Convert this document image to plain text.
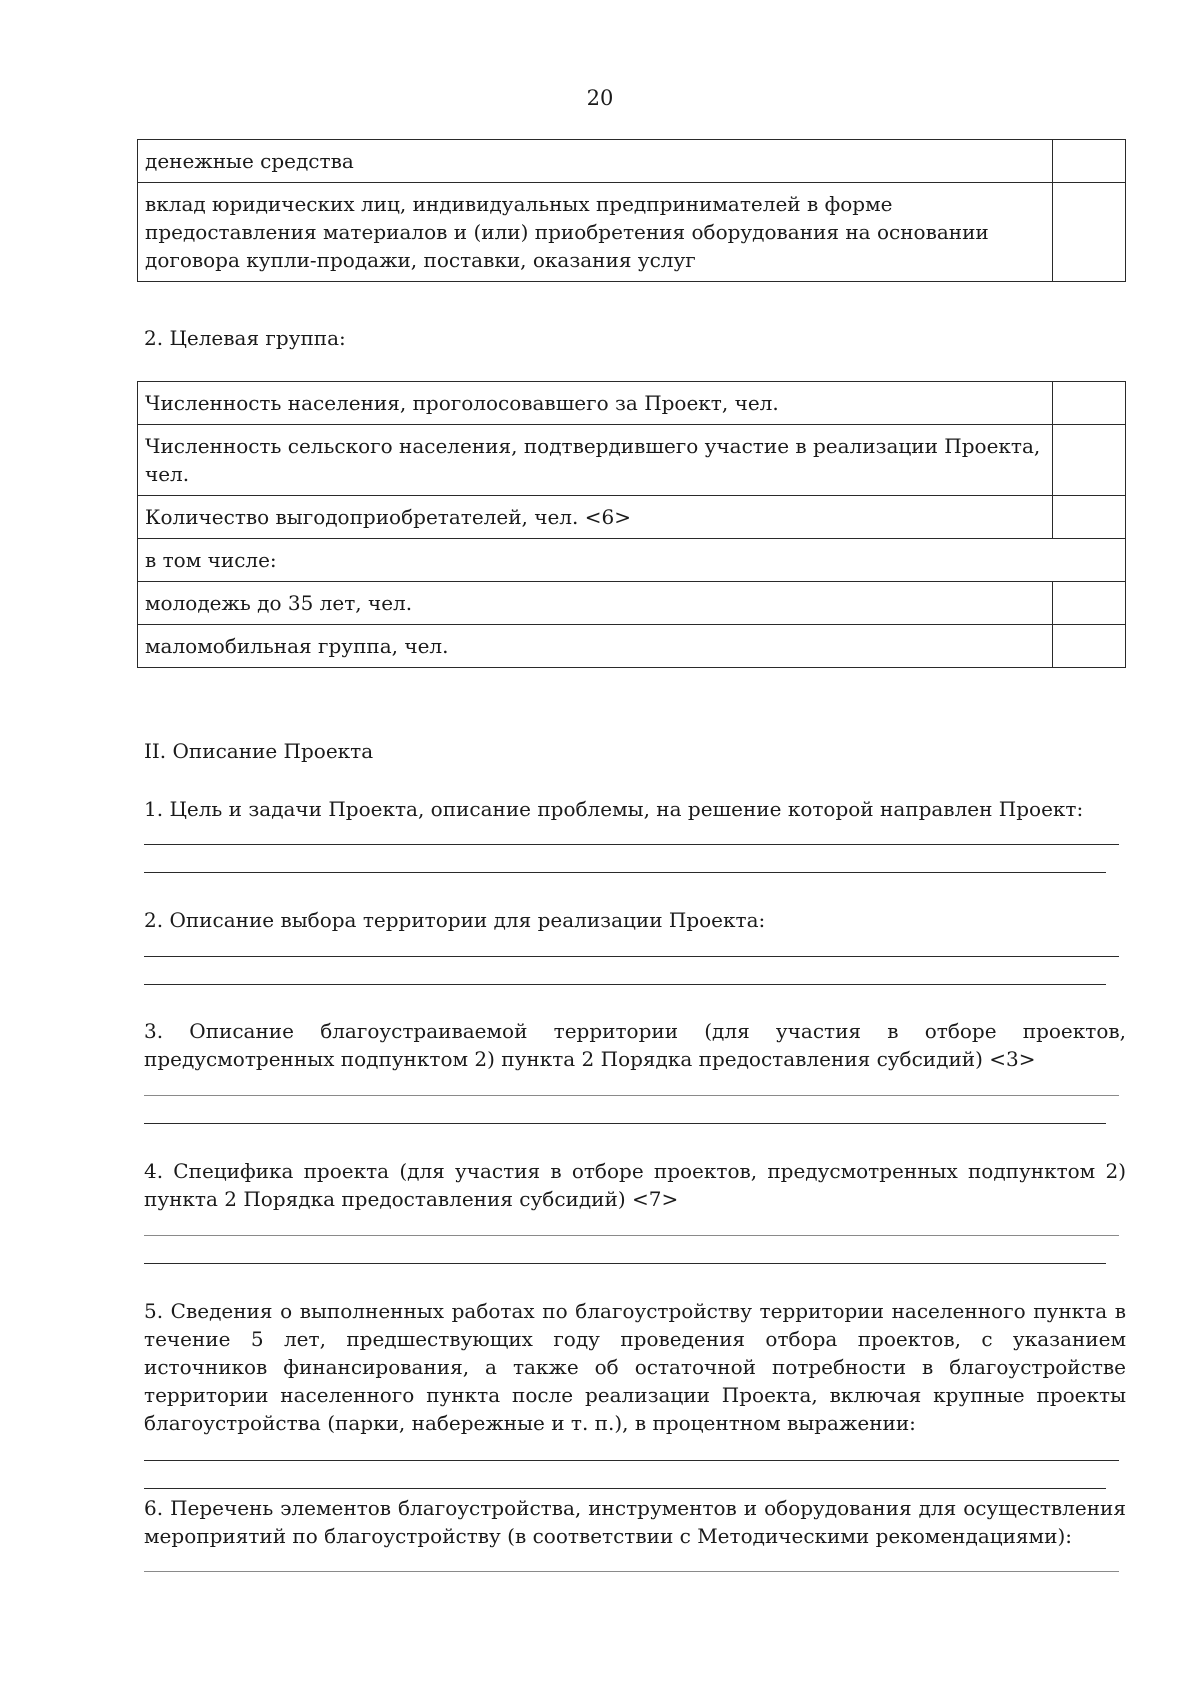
20
денежные средства	
вклад юридических лиц, индивидуальных предпринимателей в форме предоставления материалов и (или) приобретения оборудования на основании договора купли-продажи, поставки, оказания услуг	
2. Целевая группа:
Численность населения, проголосовавшего за Проект, чел.	
Численность сельского населения, подтвердившего участие в реализации Проекта, чел.	
Количество выгодоприобретателей, чел. <6>	
в том числе:	
молодежь до 35 лет, чел.	
маломобильная группа, чел.	
II. Описание Проекта
1. Цель и задачи Проекта, описание проблемы, на решение которой направлен Проект:
2. Описание выбора территории для реализации Проекта:
3. Описание благоустраиваемой территории (для участия в отборе проектов, предусмотренных подпунктом 2) пункта 2 Порядка предоставления субсидий) <3>
4. Специфика проекта (для участия в отборе проектов, предусмотренных подпунктом 2) пункта 2 Порядка предоставления субсидий) <7>
5. Сведения о выполненных работах по благоустройству территории населенного пункта в течение 5 лет, предшествующих году проведения отбора проектов, с указанием источников финансирования, а также об остаточной потребности в благоустройстве территории населенного пункта после реализации Проекта, включая крупные проекты благоустройства (парки, набережные и т. п.), в процентном выражении:
6. Перечень элементов благоустройства, инструментов и оборудования для осуществления мероприятий по благоустройству (в соответствии с Методическими рекомендациями):
